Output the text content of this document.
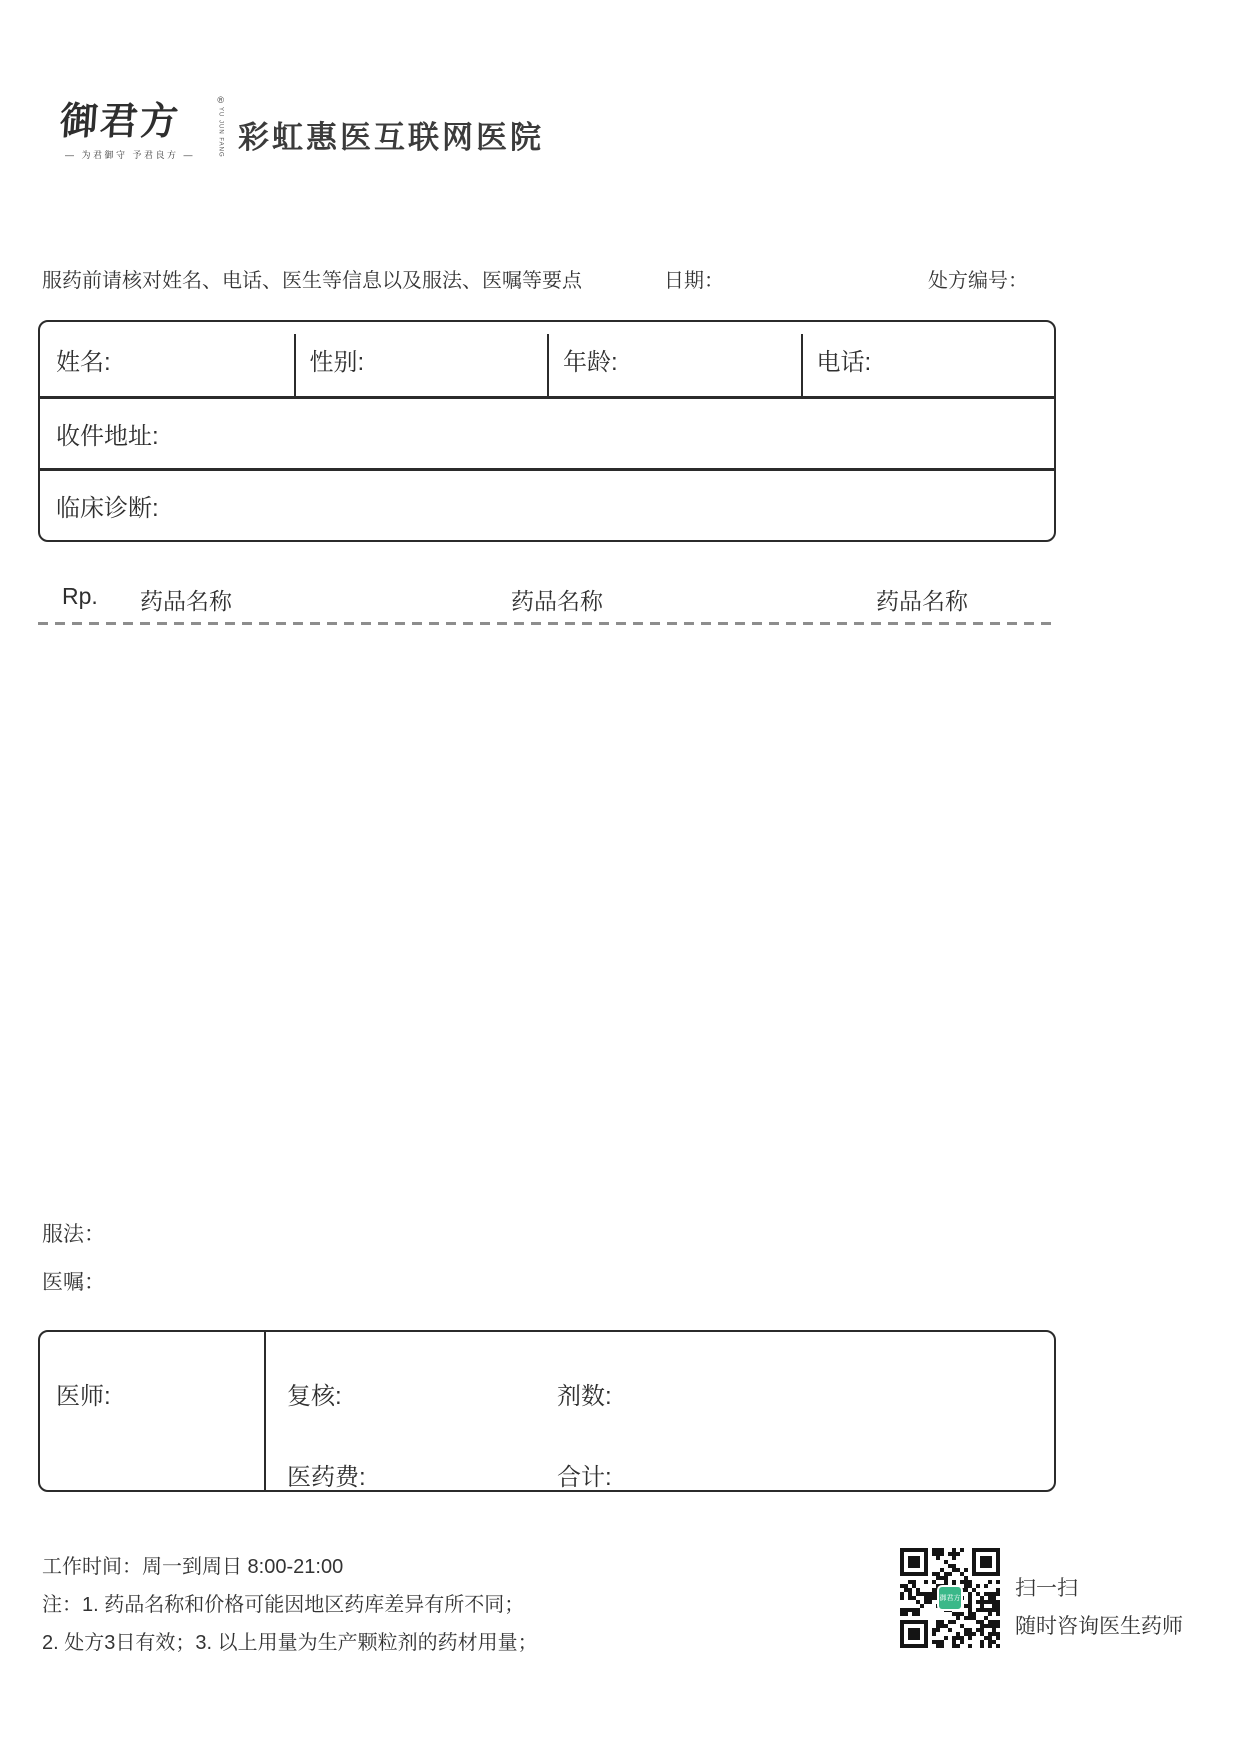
御君方	®
YU JUN FANG
— 为君御守 予君良方 — 彩虹惠医互联网医院
服药前请核对姓名、电话、医生等信息以及服法、医嘱等要点	日期：	处方编号：
姓名:	性别:	年龄:	电话:
收件地址:
临床诊断:
Rp. 药品名称	药品名称	药品名称
服法：
医嘱：
医师:	复核:	剂数:
医药费:	合计:
工作时间：周一到周日 8:00-21:00
注：1. 药品名称和价格可能因地区药库差异有所不同；
2. 处方3日有效；3. 以上用量为生产颗粒剂的药材用量；
御君方	扫一扫
随时咨询医生药师
